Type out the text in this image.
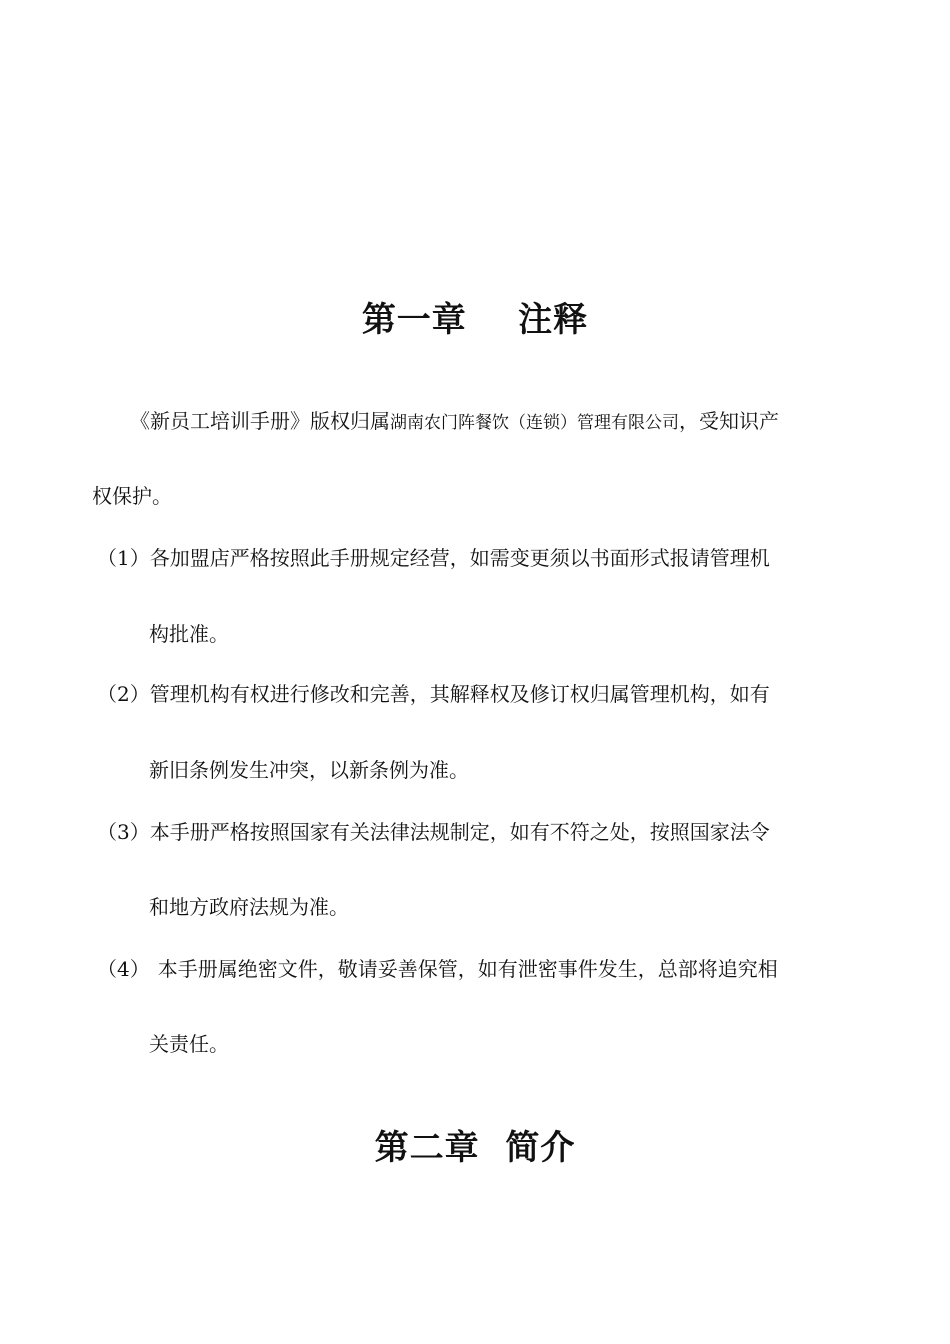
第一章    注释
《新员工培训手册》版权归属湖南农门阵餐饮（连锁）管理有限公司，受知识产
权保护。
（1）各加盟店严格按照此手册规定经营，如需变更须以书面形式报请管理机
构批准。
（2）管理机构有权进行修改和完善，其解释权及修订权归属管理机构，如有
新旧条例发生冲突，以新条例为准。
（3）本手册严格按照国家有关法律法规制定，如有不符之处，按照国家法令
和地方政府法规为准。
（4） 本手册属绝密文件，敬请妥善保管，如有泄密事件发生，总部将追究相
关责任。
第二章  简介
